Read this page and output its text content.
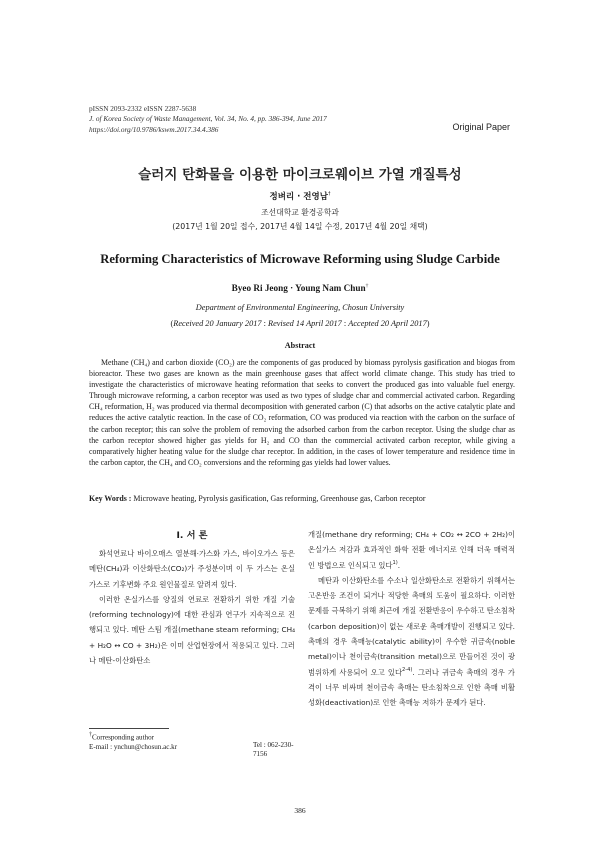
pISSN 2093-2332 eISSN 2287-5638
J. of Korea Society of Waste Management, Vol. 34, No. 4, pp. 386-394, June 2017
https://doi.org/10.9786/kswm.2017.34.4.386	Original Paper
슬러지 탄화물을 이용한 마이크로웨이브 가열 개질특성
정벼리 · 전영남†
조선대학교 환경공학과
(2017년 1월 20일 접수, 2017년 4월 14일 수정, 2017년 4월 20일 채택)
Reforming Characteristics of Microwave Reforming using Sludge Carbide
Byeo Ri Jeong · Young Nam Chun†
Department of Environmental Engineering, Chosun University
(Received 20 January 2017 : Revised 14 April 2017 : Accepted 20 April 2017)
Abstract
Methane (CH₄) and carbon dioxide (CO₂) are the components of gas produced by biomass pyrolysis gasification and biogas from bioreactor. These two gases are known as the main greenhouse gases that affect world climate change. This study has tried to investigate the characteristics of microwave heating reformation that seeks to convert the produced gas into valuable fuel energy. Through microwave reforming, a carbon receptor was used as two types of sludge char and commercial activated carbon. Regarding CH₄ reformation, H₂ was produced via thermal decomposition with generated carbon (C) that adsorbs on the active catalytic plate and reduces the active catalytic reaction. In the case of CO₂ reformation, CO was produced via reaction with the carbon on the surface of the carbon receptor; this can solve the problem of removing the adsorbed carbon from the carbon receptor. Using the sludge char as the carbon receptor showed higher gas yields for H₂ and CO than the commercial activated carbon receptor, while giving a comparatively higher heating value for the sludge char receptor. In addition, in the cases of lower temperature and residence time in the carbon captor, the CH₄ and CO₂ conversions and the reforming gas yields had lower values.
Key Words : Microwave heating, Pyrolysis gasification, Gas reforming, Greenhouse gas, Carbon receptor
I. 서 론

화석연료나 바이오매스 열분해·가스화 가스, 바이오가스 등은 메탄(CH₄)과 이산화탄소(CO₂)가 주성분이며 이 두 가스는 온실가스로 기후변화 주요 원인물질로 알려져 있다.

이러한 온실가스를 양질의 연료로 전환하기 위한 개질 기술(reforming technology)에 대한 관심과 연구가 지속적으로 진행되고 있다. 메탄 스팀 개질(methane steam reforming; CH₄ + H₂O ↔ CO + 3H₂)은 이미 산업현장에서 적용되고 있다. 그러나 메탄-이산화탄소

개질(methane dry reforming; CH₄ + CO₂ ↔ 2CO + 2H₂)이 온실가스 저감과 효과적인 화학 전환 에너지로 인해 더욱 매력적인 방법으로 인식되고 있다$^{1)}$.

메탄과 이산화탄소를 수소나 일산화탄소로 전환하기 위해서는 고온반응 조건이 되거나 적당한 촉매의 도움이 필요하다. 이러한 문제를 극복하기 위해 최근에 개질 전환반응이 우수하고 탄소침착(carbon deposition)이 없는 새로운 촉매개발이 진행되고 있다. 촉매의 경우 촉매능(catalytic ability)이 우수한 귀금속(noble metal)이나 천이금속(transition metal)으로 만들어진 것이 광범위하게 사용되어 오고 있다$^{2-4)}$. 그러나 귀금속 촉매의 경우 가격이 너무 비싸며 천이금속 촉매는 탄소침착으로 인한 촉매 비활성화(deactivation)로 인한 촉매능 저하가 문제가 된다.

†Corresponding author
E-mail : ynchun@chosun.ac.kr	Tel : 062-230-7156
386
